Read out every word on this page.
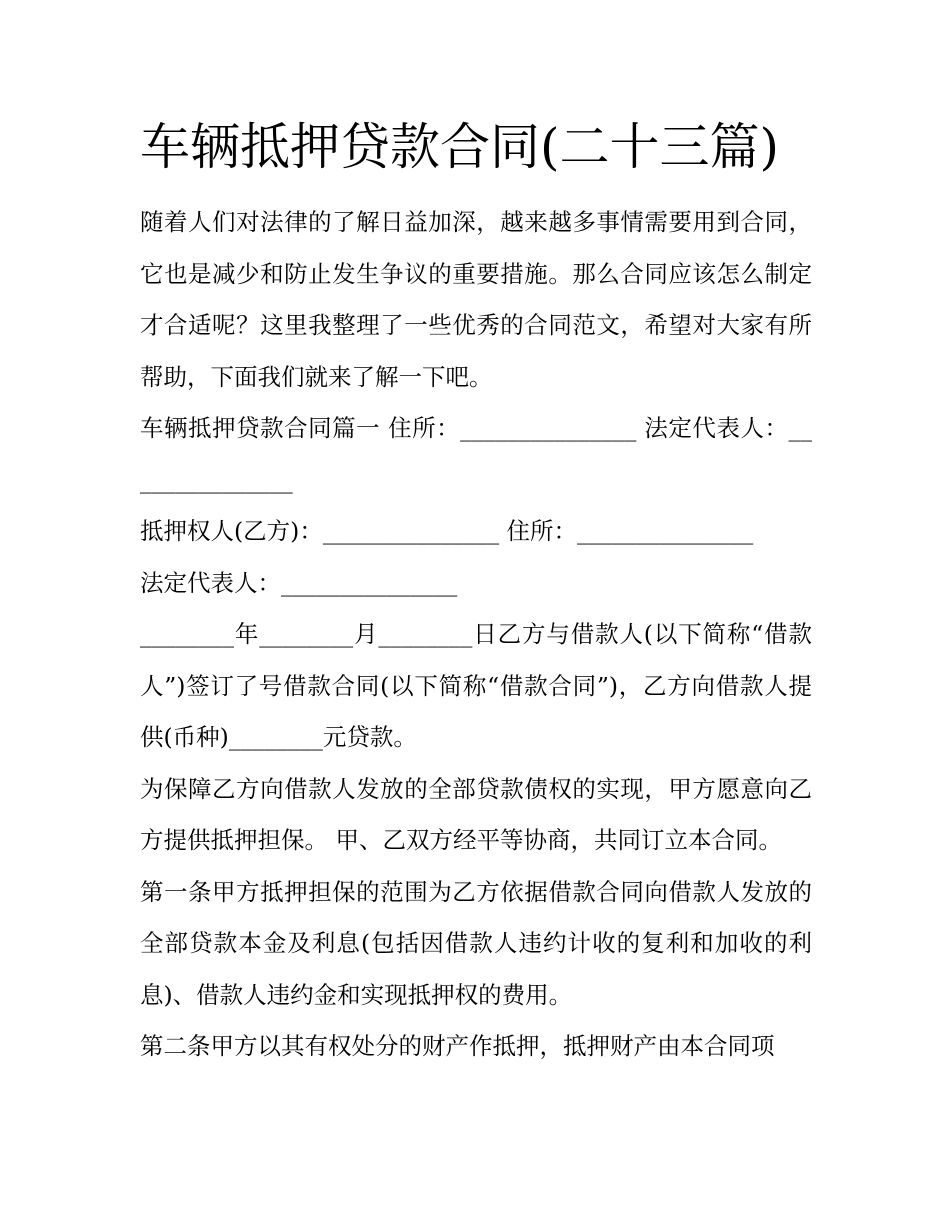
车辆抵押贷款合同(二十三篇)

随着人们对法律的了解日益加深，越来越多事情需要用到合同，它也是减少和防止发生争议的重要措施。那么合同应该怎么制定才合适呢？这里我整理了一些优秀的合同范文，希望对大家有所帮助，下面我们就来了解一下吧。

车辆抵押贷款合同篇一 住所：_______________ 法定代表人：_______________

抵押权人(乙方)：_______________ 住所：_______________

法定代表人：_______________

________年________月________日乙方与借款人(以下简称“借款人”)签订了号借款合同(以下简称“借款合同”)，乙方向借款人提供(币种)________元贷款。

为保障乙方向借款人发放的全部贷款债权的实现，甲方愿意向乙方提供抵押担保。 甲、乙双方经平等协商，共同订立本合同。

第一条甲方抵押担保的范围为乙方依据借款合同向借款人发放的全部贷款本金及利息(包括因借款人违约计收的复利和加收的利息)、借款人违约金和实现抵押权的费用。

第二条甲方以其有权处分的财产作抵押，抵押财产由本合同项
